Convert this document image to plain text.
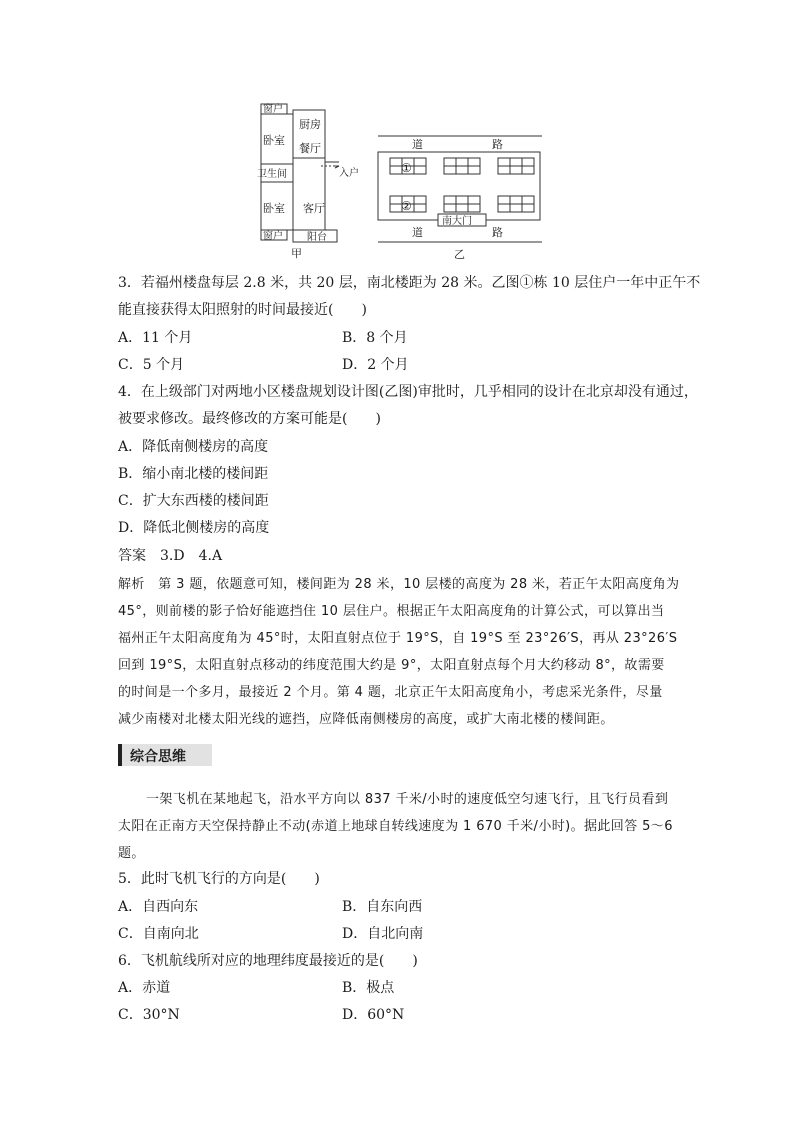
窗户
卧室
卫生间
卧室
窗户
厨房
餐厅
入户
客厅
阳台
甲
道	路
①
②
南大门
道	路
乙
3．若福州楼盘每层 2.8 米，共 20 层，南北楼距为 28 米。乙图①栋 10 层住户一年中正午不
能直接获得太阳照射的时间最接近(　　)
A．11 个月	B．8 个月
C．5 个月	D．2 个月
4．在上级部门对两地小区楼盘规划设计图(乙图)审批时，几乎相同的设计在北京却没有通过，
被要求修改。最终修改的方案可能是(　　)
A．降低南侧楼房的高度
B．缩小南北楼的楼间距
C．扩大东西楼的楼间距
D．降低北侧楼房的高度
答案　3.D　4.A
解析　第 3 题，依题意可知，楼间距为 28 米，10 层楼的高度为 28 米，若正午太阳高度角为
45°，则前楼的影子恰好能遮挡住 10 层住户。根据正午太阳高度角的计算公式，可以算出当
福州正午太阳高度角为 45°时，太阳直射点位于 19°S，自 19°S 至 23°26′S，再从 23°26′S
回到 19°S，太阳直射点移动的纬度范围大约是 9°，太阳直射点每个月大约移动 8°，故需要
的时间是一个多月，最接近 2 个月。第 4 题，北京正午太阳高度角小，考虑采光条件，尽量
减少南楼对北楼太阳光线的遮挡，应降低南侧楼房的高度，或扩大南北楼的楼间距。
综合思维
一架飞机在某地起飞，沿水平方向以 837 千米/小时的速度低空匀速飞行，且飞行员看到
太阳在正南方天空保持静止不动(赤道上地球自转线速度为 1 670 千米/小时)。据此回答 5～6
题。
5．此时飞机飞行的方向是(　　)
A．自西向东	B．自东向西
C．自南向北	D．自北向南
6．飞机航线所对应的地理纬度最接近的是(　　)
A．赤道	B．极点
C．30°N	D．60°N
